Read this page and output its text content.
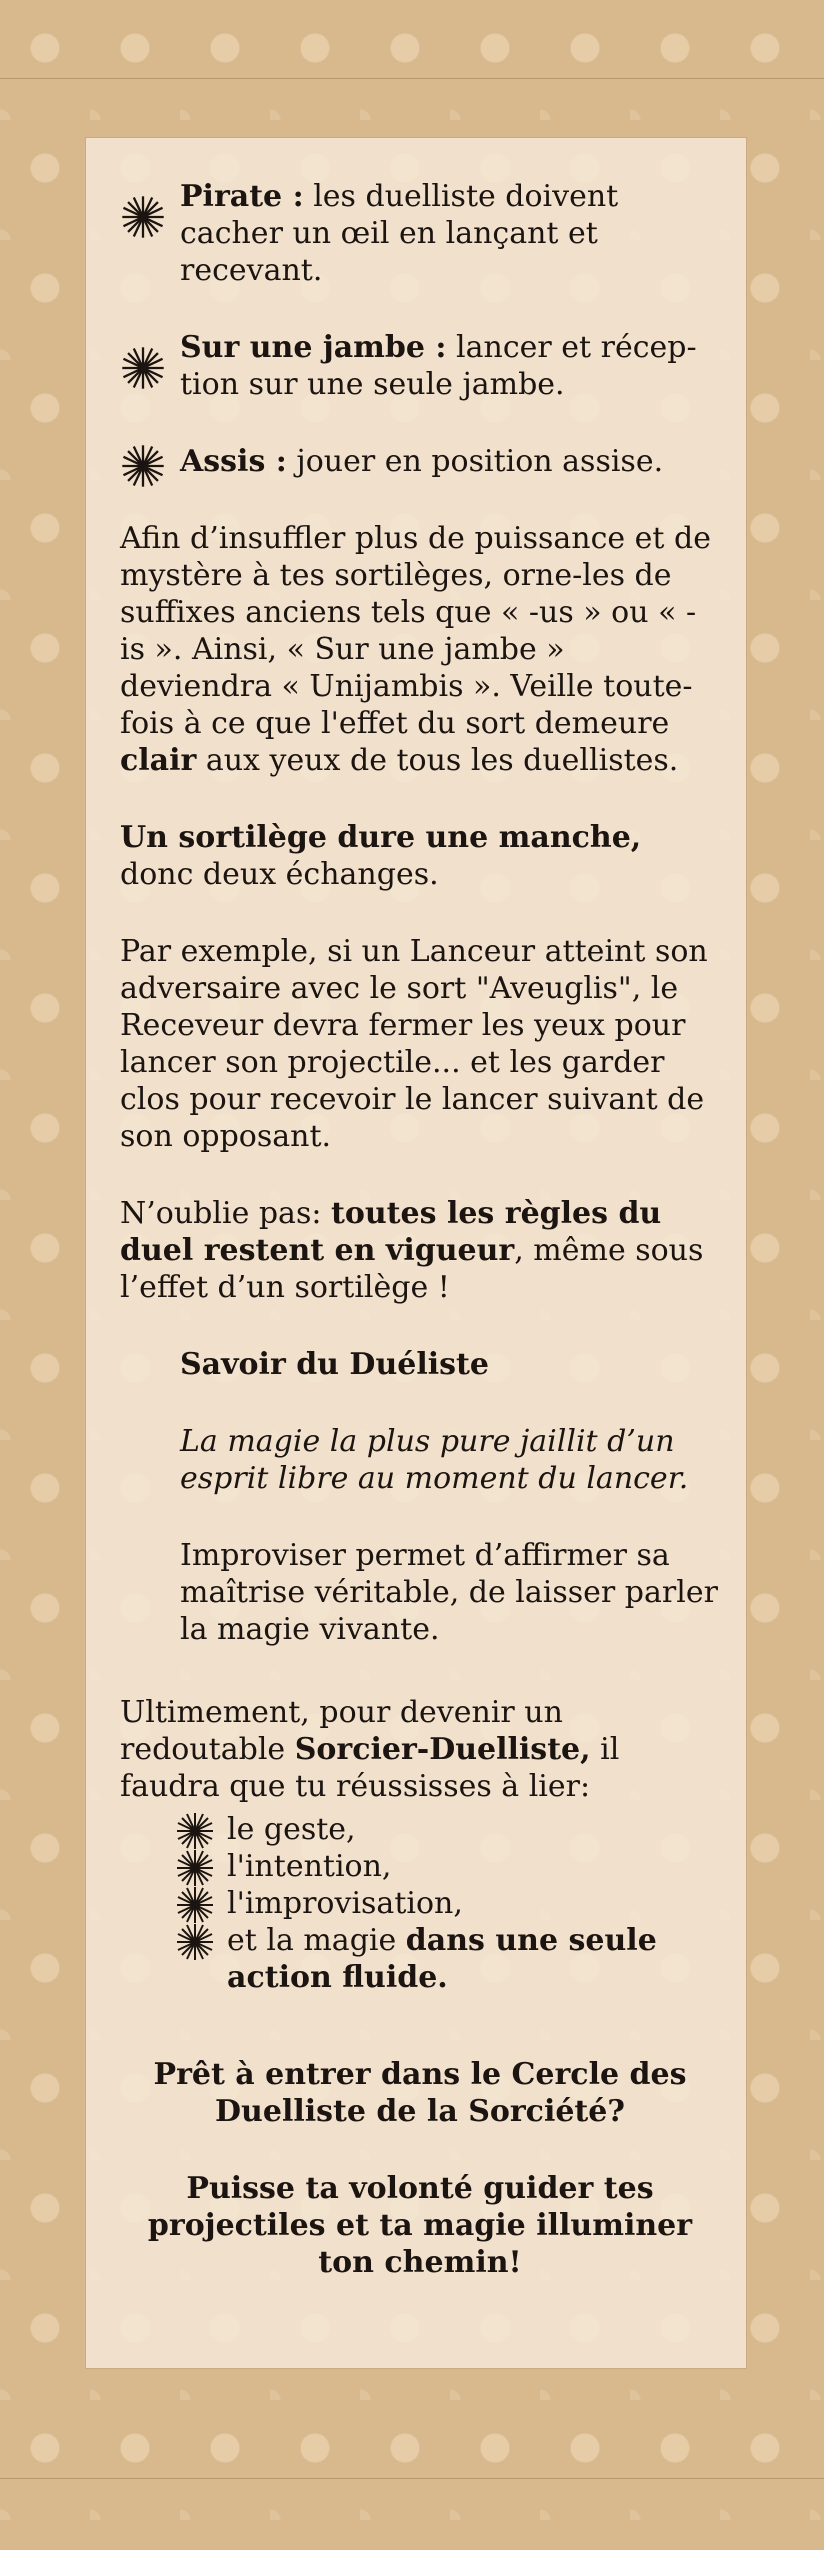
Pirate : les duelliste doivent cacher un œil en lançant et recevant.
Sur une jambe : lancer et récep-tion sur une seule jambe.
Assis : jouer en position assise.

Afin d’insuffler plus de puissance et de mystère à tes sortilèges, orne-les de suffixes anciens tels que « -us » ou « -is ». Ainsi, « Sur une jambe » deviendra « Unijambis ». Veille toute-fois à ce que l'effet du sort demeure clair aux yeux de tous les duellistes.

Un sortilège dure une manche, donc deux échanges.

Par exemple, si un Lanceur atteint son adversaire avec le sort "Aveuglis", le Receveur devra fermer les yeux pour lancer son projectile... et les garder clos pour recevoir le lancer suivant de son opposant.

N’oublie pas: toutes les règles du duel restent en vigueur, même sous l’effet d’un sortilège !

Savoir du Duéliste

La magie la plus pure jaillit d’un esprit libre au moment du lancer.

Improviser permet d’affirmer sa maîtrise véritable, de laisser parler la magie vivante.

Ultimement, pour devenir un redoutable Sorcier-Duelliste, il faudra que tu réussisses à lier:

le geste,
l'intention,
l'improvisation,
et la magie dans une seule action fluide.

Prêt à entrer dans le Cercle des Duelliste de la Sorciété?

Puisse ta volonté guider tes projectiles et ta magie illuminer ton chemin!
